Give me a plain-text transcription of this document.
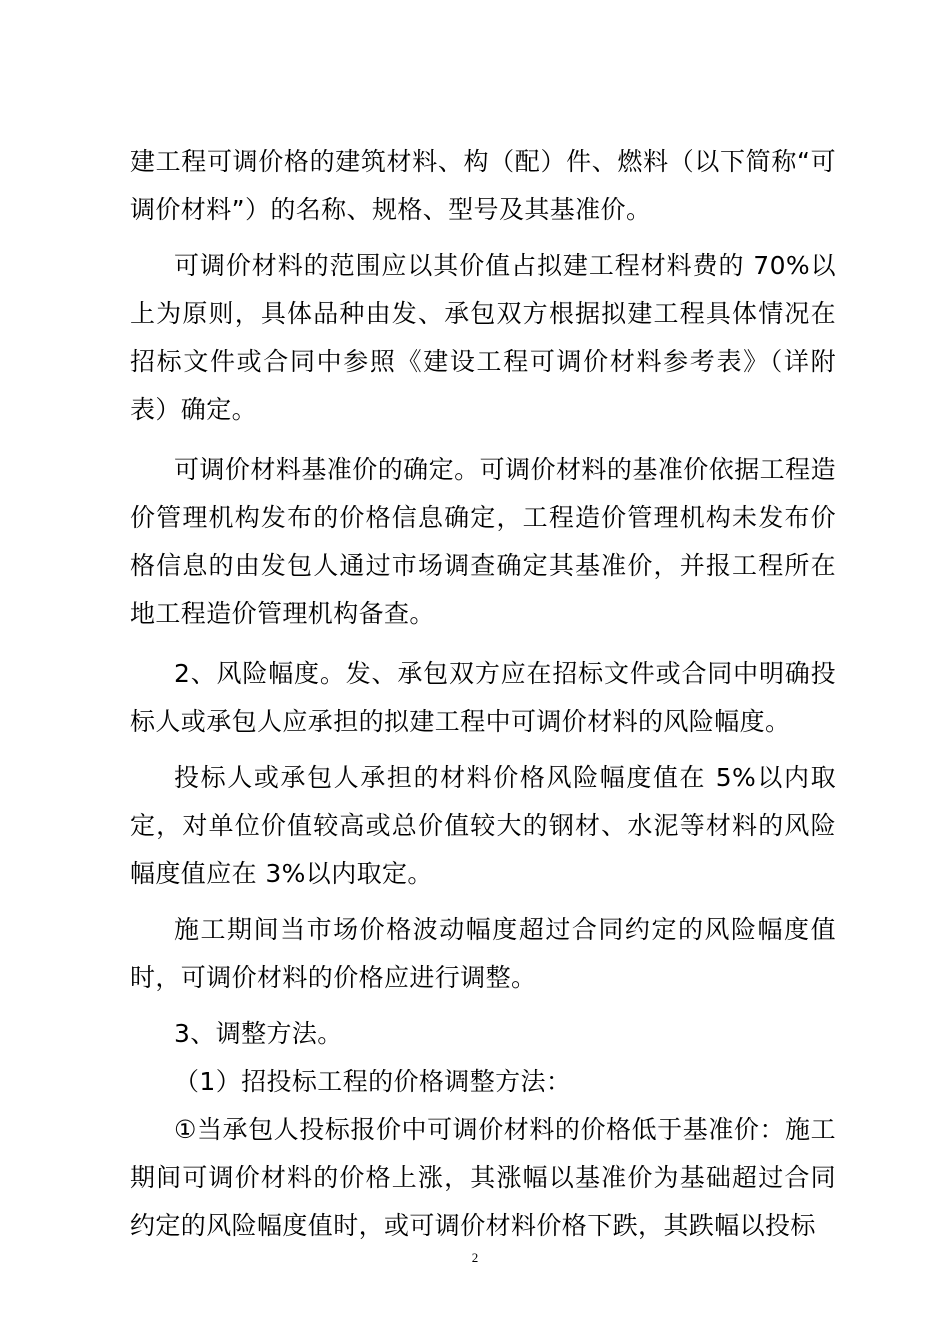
建工程可调价格的建筑材料、构（配）件、燃料（以下简称“可调价材料”）的名称、规格、型号及其基准价。

可调价材料的范围应以其价值占拟建工程材料费的 70%以上为原则，具体品种由发、承包双方根据拟建工程具体情况在招标文件或合同中参照《建设工程可调价材料参考表》（详附表）确定。

可调价材料基准价的确定。可调价材料的基准价依据工程造价管理机构发布的价格信息确定，工程造价管理机构未发布价格信息的由发包人通过市场调查确定其基准价，并报工程所在地工程造价管理机构备查。

2、风险幅度。发、承包双方应在招标文件或合同中明确投标人或承包人应承担的拟建工程中可调价材料的风险幅度。

投标人或承包人承担的材料价格风险幅度值在 5%以内取定，对单位价值较高或总价值较大的钢材、水泥等材料的风险幅度值应在 3%以内取定。

施工期间当市场价格波动幅度超过合同约定的风险幅度值时，可调价材料的价格应进行调整。

3、调整方法。

（1）招投标工程的价格调整方法：

①当承包人投标报价中可调价材料的价格低于基准价：施工期间可调价材料的价格上涨，其涨幅以基准价为基础超过合同约定的风险幅度值时，或可调价材料价格下跌，其跌幅以投标

2
